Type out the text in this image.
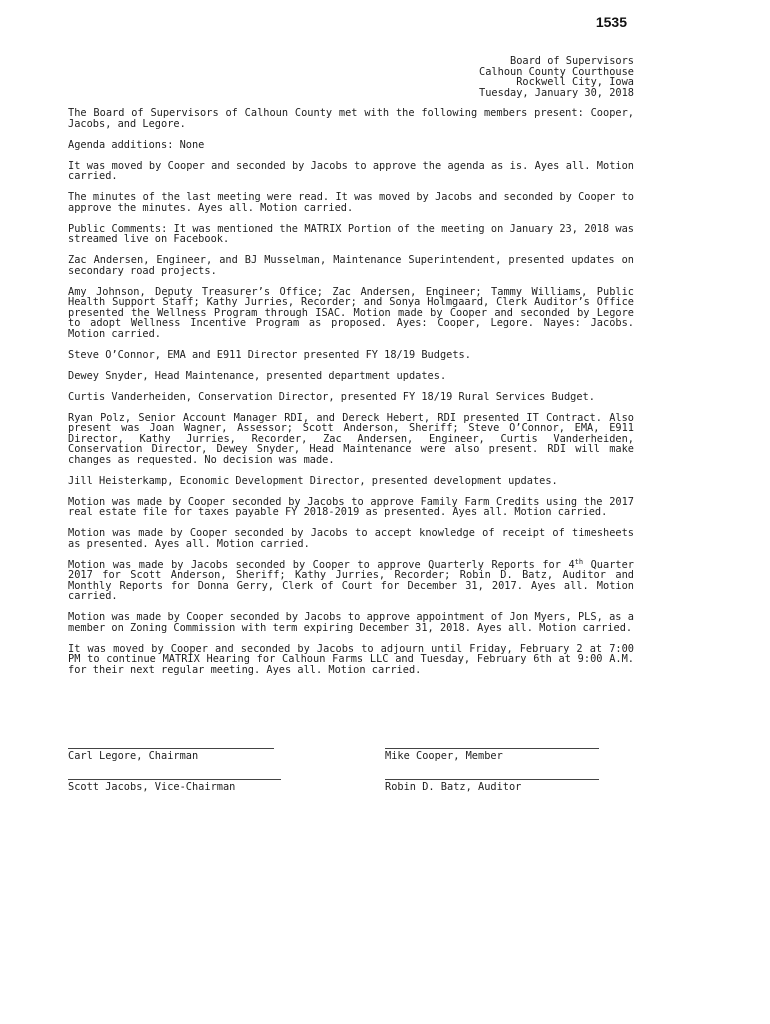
1535
Board of Supervisors
Calhoun County Courthouse
Rockwell City, Iowa
Tuesday, January 30, 2018

The Board of Supervisors of Calhoun County met with the following members present: Cooper, Jacobs, and Legore.

Agenda additions: None

It was moved by Cooper and seconded by Jacobs to approve the agenda as is. Ayes all. Motion carried.

The minutes of the last meeting were read. It was moved by Jacobs and seconded by Cooper to approve the minutes. Ayes all. Motion carried.

Public Comments: It was mentioned the MATRIX Portion of the meeting on January 23, 2018 was streamed live on Facebook.

Zac Andersen, Engineer, and BJ Musselman, Maintenance Superintendent, presented updates on secondary road projects.

Amy Johnson, Deputy Treasurer’s Office; Zac Andersen, Engineer; Tammy Williams, Public Health Support Staff; Kathy Jurries, Recorder; and Sonya Holmgaard, Clerk Auditor’s Office presented the Wellness Program through ISAC. Motion made by Cooper and seconded by Legore to adopt Wellness Incentive Program as proposed. Ayes: Cooper, Legore. Nayes: Jacobs. Motion carried.

Steve O’Connor, EMA and E911 Director presented FY 18/19 Budgets.

Dewey Snyder, Head Maintenance, presented department updates.

Curtis Vanderheiden, Conservation Director, presented FY 18/19 Rural Services Budget.

Ryan Polz, Senior Account Manager RDI, and Dereck Hebert, RDI presented IT Contract. Also present was Joan Wagner, Assessor; Scott Anderson, Sheriff; Steve O’Connor, EMA, E911 Director, Kathy Jurries, Recorder, Zac Andersen, Engineer, Curtis Vanderheiden, Conservation Director, Dewey Snyder, Head Maintenance were also present. RDI will make changes as requested. No decision was made.

Jill Heisterkamp, Economic Development Director, presented development updates.

Motion was made by Cooper seconded by Jacobs to approve Family Farm Credits using the 2017 real estate file for taxes payable FY 2018-2019 as presented. Ayes all. Motion carried.

Motion was made by Cooper seconded by Jacobs to accept knowledge of receipt of timesheets as presented. Ayes all. Motion carried.

Motion was made by Jacobs seconded by Cooper to approve Quarterly Reports for 4th Quarter 2017 for Scott Anderson, Sheriff; Kathy Jurries, Recorder; Robin D. Batz, Auditor and Monthly Reports for Donna Gerry, Clerk of Court for December 31, 2017. Ayes all. Motion carried.

Motion was made by Cooper seconded by Jacobs to approve appointment of Jon Myers, PLS, as a member on Zoning Commission with term expiring December 31, 2018. Ayes all. Motion carried.

It was moved by Cooper and seconded by Jacobs to adjourn until Friday, February 2 at 7:00 PM to continue MATRIX Hearing for Calhoun Farms LLC and Tuesday, February 6th at 9:00 A.M. for their next regular meeting. Ayes all. Motion carried.

Carl Legore, Chairman	Mike Cooper, Member
Scott Jacobs, Vice-Chairman	Robin D. Batz, Auditor
